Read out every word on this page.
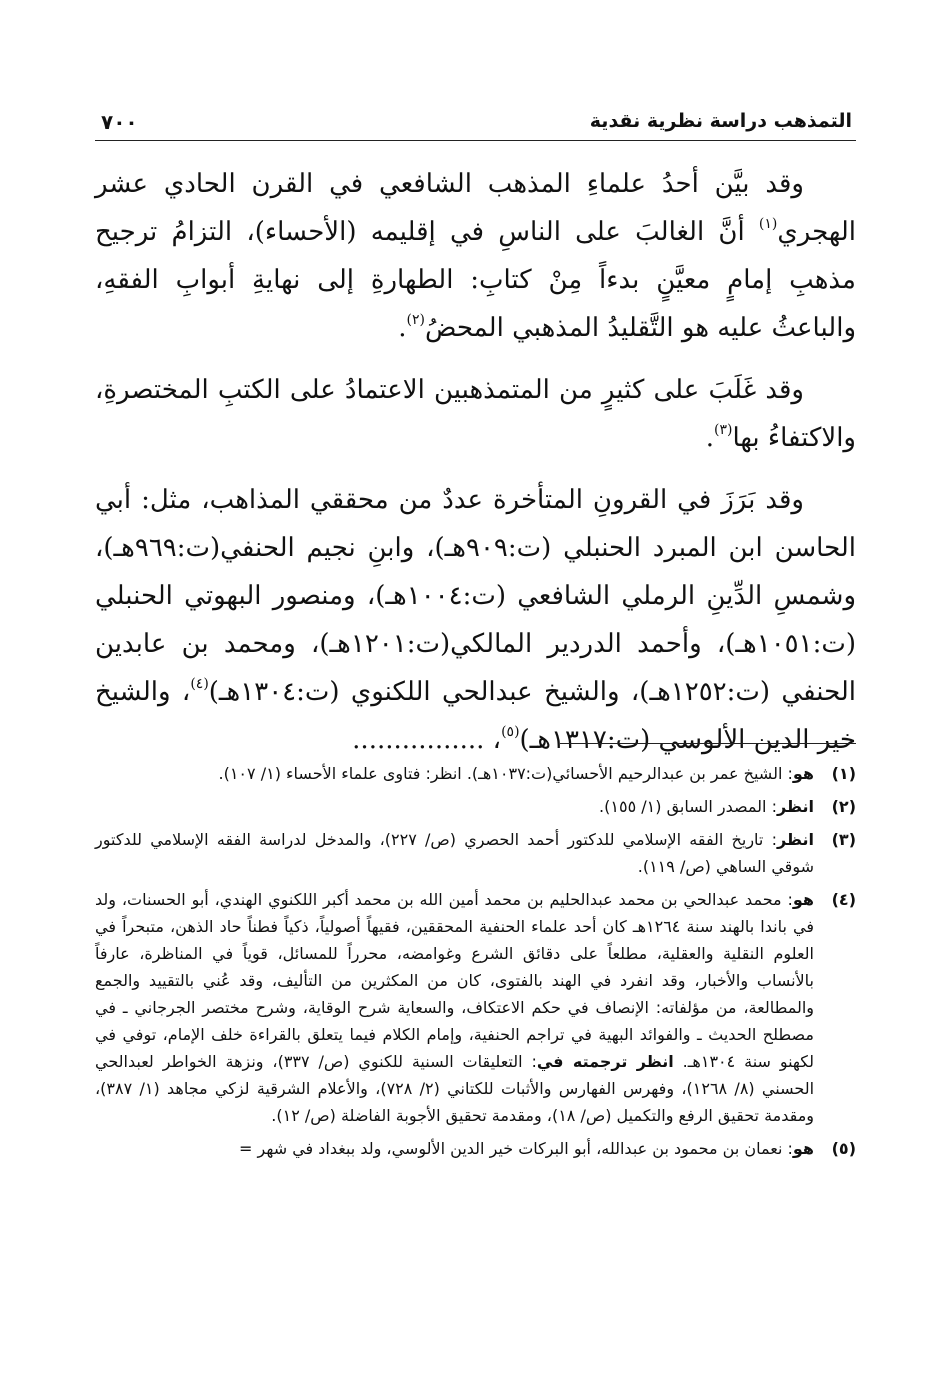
التمذهب دراسة نظرية نقدية
٧٠٠

وقد بيَّن أحدُ علماءِ المذهب الشافعي في القرن الحادي عشر الهجري$^{(١)}$ أنَّ الغالبَ على الناسِ في إقليمه (الأحساء)، التزامُ ترجيح مذهبِ إمامٍ معيَّنٍ بدءاً مِنْ كتابِ: الطهارةِ إلى نهايةِ أبوابِ الفقهِ، والباعثُ عليه هو التَّقليدُ المذهبي المحضُ$^{(٢)}$.

وقد غَلَبَ على كثيرٍ من المتمذهبين الاعتمادُ على الكتبِ المختصرةِ، والاكتفاءُ بها$^{(٣)}$.

وقد بَرَزَ في القرونِ المتأخرة عددٌ من محققي المذاهب، مثل: أبي الحاسن ابن المبرد الحنبلي (ت:٩٠٩هـ)، وابنِ نجيم الحنفي(ت:٩٦٩هـ)، وشمسِ الدِّينِ الرملي الشافعي (ت:١٠٠٤هـ)، ومنصور البهوتي الحنبلي (ت:١٠٥١هـ)، وأحمد الدردير المالكي(ت:١٢٠١هـ)، ومحمد بن عابدين الحنفي (ت:١٢٥٢هـ)، والشيخ عبدالحي اللكنوي (ت:١٣٠٤هـ)$^{(٤)}$، والشيخ خير الدين الألوسي (ت:١٣١٧هـ)$^{(٥)}$، ................

(١)
هو: الشيخ عمر بن عبدالرحيم الأحسائي(ت:١٠٣٧هـ). انظر: فتاوى علماء الأحساء (١/ ١٠٧).
(٢)
انظر: المصدر السابق (١/ ١٥٥).
(٣)
انظر: تاريخ الفقه الإسلامي للدكتور أحمد الحصري (ص/ ٢٢٧)، والمدخل لدراسة الفقه الإسلامي للدكتور شوقي الساهي (ص/ ١١٩).
(٤)
هو: محمد عبدالحي بن محمد عبدالحليم بن محمد أمين الله بن محمد أكبر اللكنوي الهندي، أبو الحسنات، ولد في باندا بالهند سنة ١٢٦٤هـ كان أحد علماء الحنفية المحققين، فقيهاً أصولياً، ذكياً فطناً حاد الذهن، متبحراً في العلوم النقلية والعقلية، مطلعاً على دقائق الشرع وغوامضه، محرراً للمسائل، قوياً في المناظرة، عارفاً بالأنساب والأخبار، وقد انفرد في الهند بالفتوى، كان من المكثرين من التأليف، وقد عُني بالتقييد والجمع والمطالعة، من مؤلفاته: الإنصاف في حكم الاعتكاف، والسعاية شرح الوقاية، وشرح مختصر الجرجاني ـ في مصطلح الحديث ـ والفوائد البهية في تراجم الحنفية، وإمام الكلام فيما يتعلق بالقراءة خلف الإمام، توفي في لكهنو سنة ١٣٠٤هـ. انظر ترجمته في: التعليقات السنية للكنوي (ص/ ٣٣٧)، ونزهة الخواطر لعبدالحي الحسني (٨/ ١٢٦٨)، وفهرس الفهارس والأثبات للكتاني (٢/ ٧٢٨)، والأعلام الشرقية لزكي مجاهد (١/ ٣٨٧)، ومقدمة تحقيق الرفع والتكميل (ص/ ١٨)، ومقدمة تحقيق الأجوبة الفاضلة (ص/ ١٢).
(٥)
هو: نعمان بن محمود بن عبدالله، أبو البركات خير الدين الألوسي، ولد ببغداد في شهر =
